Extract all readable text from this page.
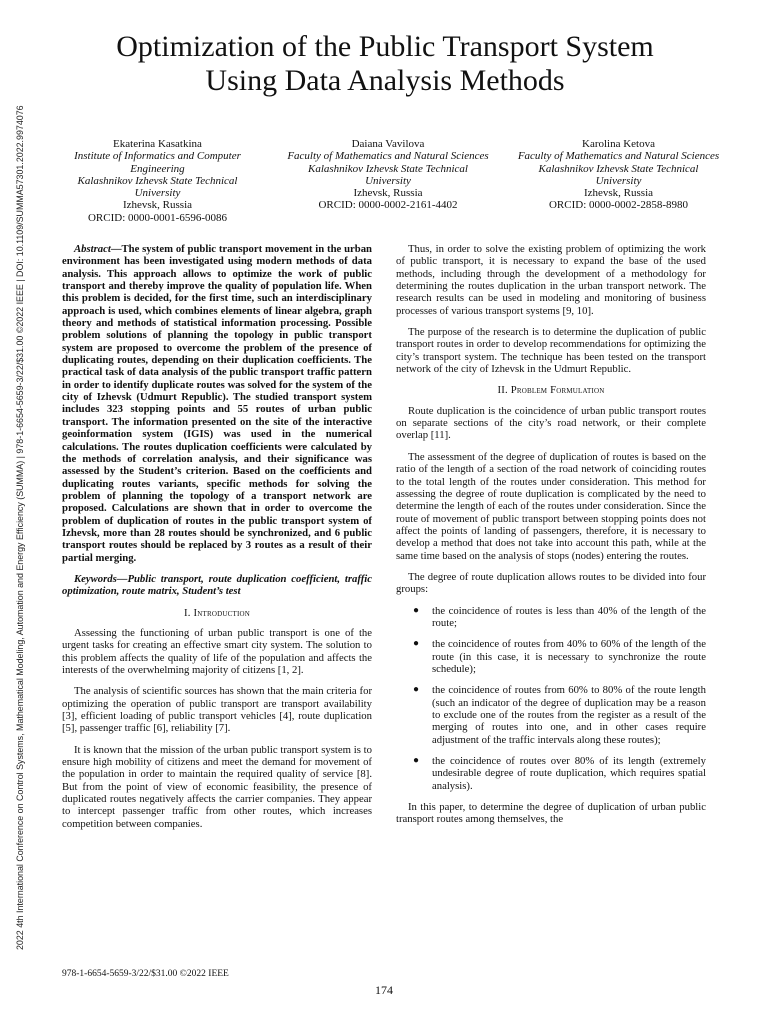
2022 4th International Conference on Control Systems, Mathematical Modeling, Automation and Energy Efficiency (SUMMA) | 978-1-6654-5659-3/22/$31.00 ©2022 IEEE | DOI: 10.1109/SUMMA57301.2022.9974076
Optimization of the Public Transport System Using Data Analysis Methods
Ekaterina Kasatkina
Institute of Informatics and Computer Engineering
Kalashnikov Izhevsk State Technical University
Izhevsk, Russia
ORCID: 0000-0001-6596-0086
Daiana Vavilova
Faculty of Mathematics and Natural Sciences
Kalashnikov Izhevsk State Technical University
Izhevsk, Russia
ORCID: 0000-0002-2161-4402
Karolina Ketova
Faculty of Mathematics and Natural Sciences
Kalashnikov Izhevsk State Technical University
Izhevsk, Russia
ORCID: 0000-0002-2858-8980

Abstract—The system of public transport movement in the urban environment has been investigated using modern methods of data analysis. This approach allows to optimize the work of public transport and thereby improve the quality of population life. When this problem is decided, for the first time, such an interdisciplinary approach is used, which combines elements of linear algebra, graph theory and methods of statistical information processing. Possible problem solutions of planning the topology in public transport system are proposed to overcome the problem of the presence of duplicating routes, depending on their duplication coefficients. The practical task of data analysis of the public transport traffic pattern in order to identify duplicate routes was solved for the system of the city of Izhevsk (Udmurt Republic). The studied transport system includes 323 stopping points and 55 routes of urban public transport. The information presented on the site of the interactive geoinformation system (IGIS) was used in the numerical calculations. The routes duplication coefficients were calculated by the methods of correlation analysis, and their significance was assessed by the Student’s criterion. Based on the coefficients and duplicating routes variants, specific methods for solving the problem of planning the topology of a transport network are proposed. Calculations are shown that in order to overcome the problem of duplication of routes in the public transport system of Izhevsk, more than 28 routes should be synchronized, and 6 public transport routes should be replaced by 3 routes as a result of their partial merging.

Keywords—Public transport, route duplication coefficient, traffic optimization, route matrix, Student’s test

I. Introduction

Assessing the functioning of urban public transport is one of the urgent tasks for creating an effective smart city system. The solution to this problem affects the quality of life of the population and affects the interests of the overwhelming majority of citizens [1, 2].

The analysis of scientific sources has shown that the main criteria for optimizing the operation of public transport are transport availability [3], efficient loading of public transport vehicles [4], route duplication [5], passenger traffic [6], reliability [7].

It is known that the mission of the urban public transport system is to ensure high mobility of citizens and meet the demand for movement of the population in order to maintain the required quality of service [8]. But from the point of view of economic feasibility, the presence of duplicated routes negatively affects the carrier companies. They appear to intercept passenger traffic from other routes, which increases competition between companies.

Thus, in order to solve the existing problem of optimizing the work of public transport, it is necessary to expand the base of the used methods, including through the development of a methodology for determining the routes duplication in the urban transport network. The research results can be used in modeling and monitoring of business processes of various transport systems [9, 10].

The purpose of the research is to determine the duplication of public transport routes in order to develop recommendations for optimizing the city’s transport system. The technique has been tested on the transport network of the city of Izhevsk in the Udmurt Republic.

II. Problem Formulation

Route duplication is the coincidence of urban public transport routes on separate sections of the city’s road network, or their complete overlap [11].

The assessment of the degree of duplication of routes is based on the ratio of the length of a section of the road network of coinciding routes to the total length of the routes under consideration. This method for assessing the degree of route duplication is complicated by the need to determine the length of each of the routes under consideration. Since the route of movement of public transport between stopping points does not affect the points of landing of passengers, therefore, it is necessary to develop a method that does not take into account this path, while at the same time based on the analysis of stops (nodes) entering the routes.

The degree of route duplication allows routes to be divided into four groups:

● the coincidence of routes is less than 40% of the length of the route;
● the coincidence of routes from 40% to 60% of the length of the route (in this case, it is necessary to synchronize the route schedule);
● the coincidence of routes from 60% to 80% of the route length (such an indicator of the degree of duplication may be a reason to exclude one of the routes from the register as a result of the merging of routes into one, and in other cases require adjustment of the traffic intervals along these routes);
● the coincidence of routes over 80% of its length (extremely undesirable degree of route duplication, which requires spatial analysis).

In this paper, to determine the degree of duplication of urban public transport routes among themselves, the

978-1-6654-5659-3/22/$31.00 ©2022 IEEE
174
